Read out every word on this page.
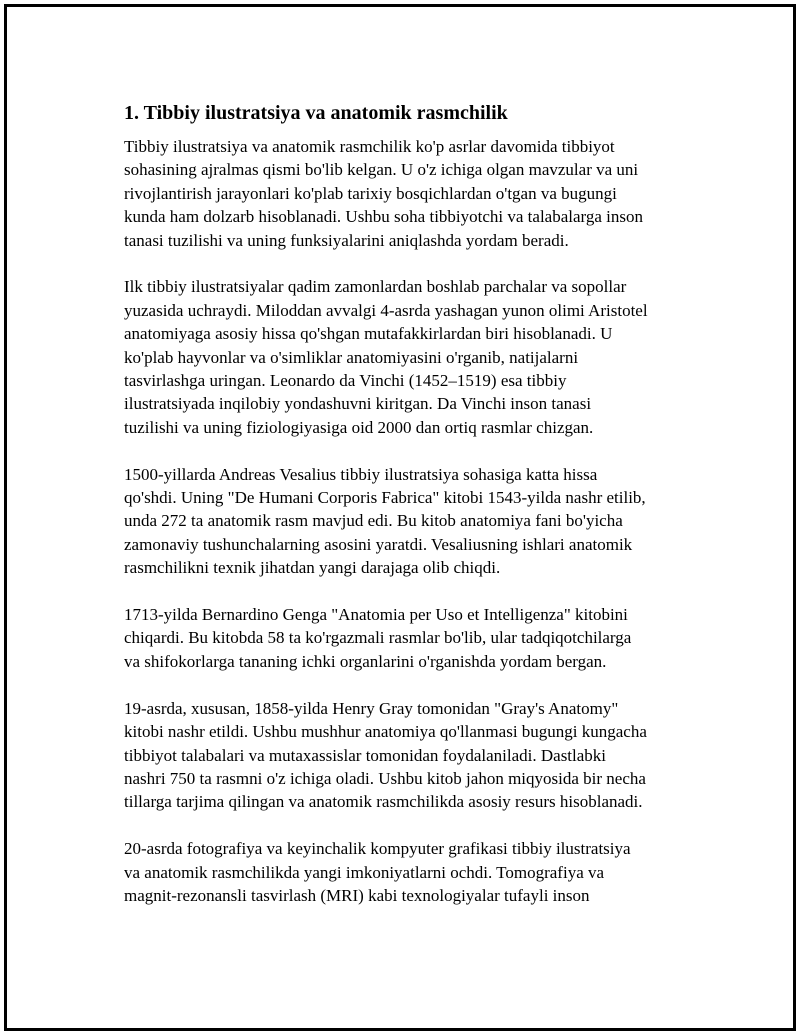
1. Tibbiy ilustratsiya va anatomik rasmchilik

Tibbiy ilustratsiya va anatomik rasmchilik ko'p asrlar davomida tibbiyot
sohasining ajralmas qismi bo'lib kelgan. U o'z ichiga olgan mavzular va uni
rivojlantirish jarayonlari ko'plab tarixiy bosqichlardan o'tgan va bugungi
kunda ham dolzarb hisoblanadi. Ushbu soha tibbiyotchi va talabalarga inson
tanasi tuzilishi va uning funksiyalarini aniqlashda yordam beradi.

Ilk tibbiy ilustratsiyalar qadim zamonlardan boshlab parchalar va sopollar
yuzasida uchraydi. Miloddan avvalgi 4-asrda yashagan yunon olimi Aristotel
anatomiyaga asosiy hissa qo'shgan mutafakkirlardan biri hisoblanadi. U
ko'plab hayvonlar va o'simliklar anatomiyasini o'rganib, natijalarni
tasvirlashga uringan. Leonardo da Vinchi (1452–1519) esa tibbiy
ilustratsiyada inqilobiy yondashuvni kiritgan. Da Vinchi inson tanasi
tuzilishi va uning fiziologiyasiga oid 2000 dan ortiq rasmlar chizgan.

1500-yillarda Andreas Vesalius tibbiy ilustratsiya sohasiga katta hissa
qo'shdi. Uning "De Humani Corporis Fabrica" kitobi 1543-yilda nashr etilib,
unda 272 ta anatomik rasm mavjud edi. Bu kitob anatomiya fani bo'yicha
zamonaviy tushunchalarning asosini yaratdi. Vesaliusning ishlari anatomik
rasmchilikni texnik jihatdan yangi darajaga olib chiqdi.

1713-yilda Bernardino Genga "Anatomia per Uso et Intelligenza" kitobini
chiqardi. Bu kitobda 58 ta ko'rgazmali rasmlar bo'lib, ular tadqiqotchilarga
va shifokorlarga tananing ichki organlarini o'rganishda yordam bergan.

19-asrda, xususan, 1858-yilda Henry Gray tomonidan "Gray's Anatomy"
kitobi nashr etildi. Ushbu mushhur anatomiya qo'llanmasi bugungi kungacha
tibbiyot talabalari va mutaxassislar tomonidan foydalaniladi. Dastlabki
nashri 750 ta rasmni o'z ichiga oladi. Ushbu kitob jahon miqyosida bir necha
tillarga tarjima qilingan va anatomik rasmchilikda asosiy resurs hisoblanadi.

20-asrda fotografiya va keyinchalik kompyuter grafikasi tibbiy ilustratsiya
va anatomik rasmchilikda yangi imkoniyatlarni ochdi. Tomografiya va
magnit-rezonansli tasvirlash (MRI) kabi texnologiyalar tufayli inson
